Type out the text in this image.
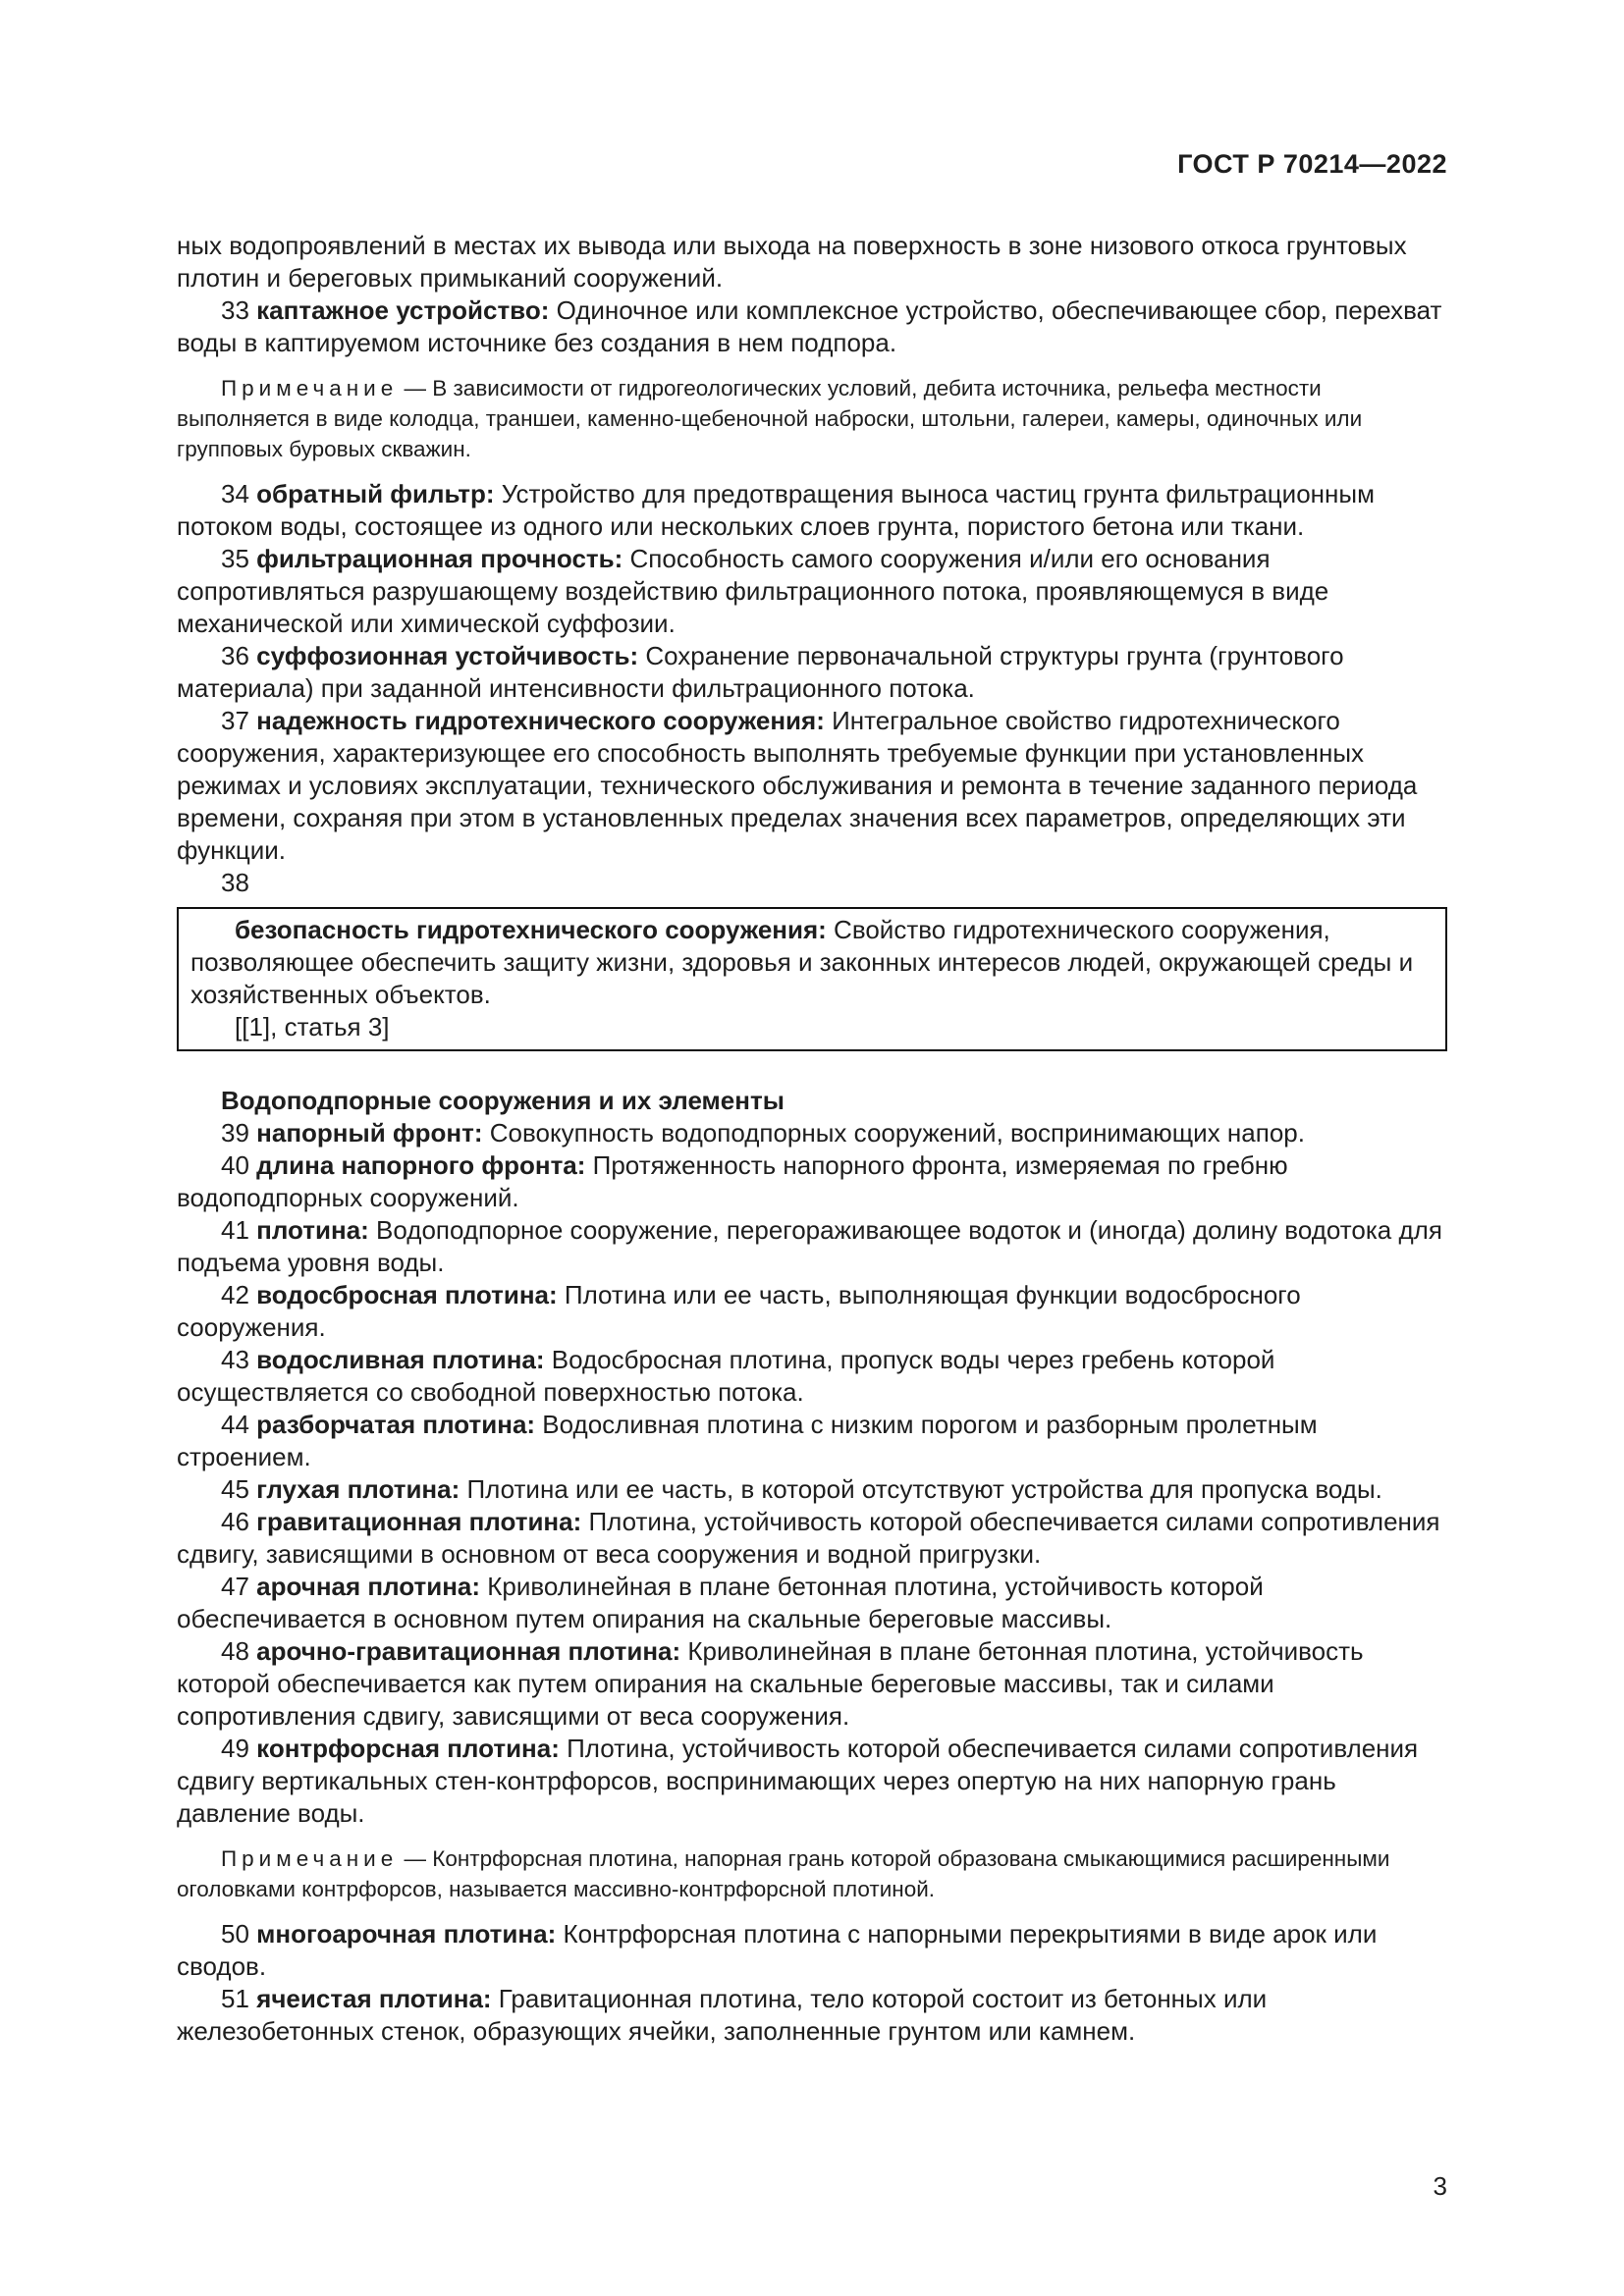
ГОСТ Р 70214—2022

ных водопроявлений в местах их вывода или выхода на поверхность в зоне низового откоса грунтовых плотин и береговых примыканий сооружений.

33 каптажное устройство: Одиночное или комплексное устройство, обеспечивающее сбор, перехват воды в каптируемом источнике без создания в нем подпора.

Примечание — В зависимости от гидрогеологических условий, дебита источника, рельефа местности выполняется в виде колодца, траншеи, каменно-щебеночной наброски, штольни, галереи, камеры, одиночных или групповых буровых скважин.

34 обратный фильтр: Устройство для предотвращения выноса частиц грунта фильтрационным потоком воды, состоящее из одного или нескольких слоев грунта, пористого бетона или ткани.

35 фильтрационная прочность: Способность самого сооружения и/или его основания сопротивляться разрушающему воздействию фильтрационного потока, проявляющемуся в виде механической или химической суффозии.

36 суффозионная устойчивость: Сохранение первоначальной структуры грунта (грунтового материала) при заданной интенсивности фильтрационного потока.

37 надежность гидротехнического сооружения: Интегральное свойство гидротехнического сооружения, характеризующее его способность выполнять требуемые функции при установленных режимах и условиях эксплуатации, технического обслуживания и ремонта в течение заданного периода времени, сохраняя при этом в установленных пределах значения всех параметров, определяющих эти функции.

38

безопасность гидротехнического сооружения: Свойство гидротехнического сооружения, позволяющее обеспечить защиту жизни, здоровья и законных интересов людей, окружающей среды и хозяйственных объектов.

[[1], статья 3]

Водоподпорные сооружения и их элементы

39 напорный фронт: Совокупность водоподпорных сооружений, воспринимающих напор.

40 длина напорного фронта: Протяженность напорного фронта, измеряемая по гребню водоподпорных сооружений.

41 плотина: Водоподпорное сооружение, перегораживающее водоток и (иногда) долину водотока для подъема уровня воды.

42 водосбросная плотина: Плотина или ее часть, выполняющая функции водосбросного сооружения.

43 водосливная плотина: Водосбросная плотина, пропуск воды через гребень которой осуществляется со свободной поверхностью потока.

44 разборчатая плотина: Водосливная плотина с низким порогом и разборным пролетным строением.

45 глухая плотина: Плотина или ее часть, в которой отсутствуют устройства для пропуска воды.

46 гравитационная плотина: Плотина, устойчивость которой обеспечивается силами сопротивления сдвигу, зависящими в основном от веса сооружения и водной пригрузки.

47 арочная плотина: Криволинейная в плане бетонная плотина, устойчивость которой обеспечивается в основном путем опирания на скальные береговые массивы.

48 арочно-гравитационная плотина: Криволинейная в плане бетонная плотина, устойчивость которой обеспечивается как путем опирания на скальные береговые массивы, так и силами сопротивления сдвигу, зависящими от веса сооружения.

49 контрфорсная плотина: Плотина, устойчивость которой обеспечивается силами сопротивления сдвигу вертикальных стен-контрфорсов, воспринимающих через опертую на них напорную грань давление воды.

Примечание — Контрфорсная плотина, напорная грань которой образована смыкающимися расширенными оголовками контрфорсов, называется массивно-контрфорсной плотиной.

50 многоарочная плотина: Контрфорсная плотина с напорными перекрытиями в виде арок или сводов.

51 ячеистая плотина: Гравитационная плотина, тело которой состоит из бетонных или железобетонных стенок, образующих ячейки, заполненные грунтом или камнем.

3
